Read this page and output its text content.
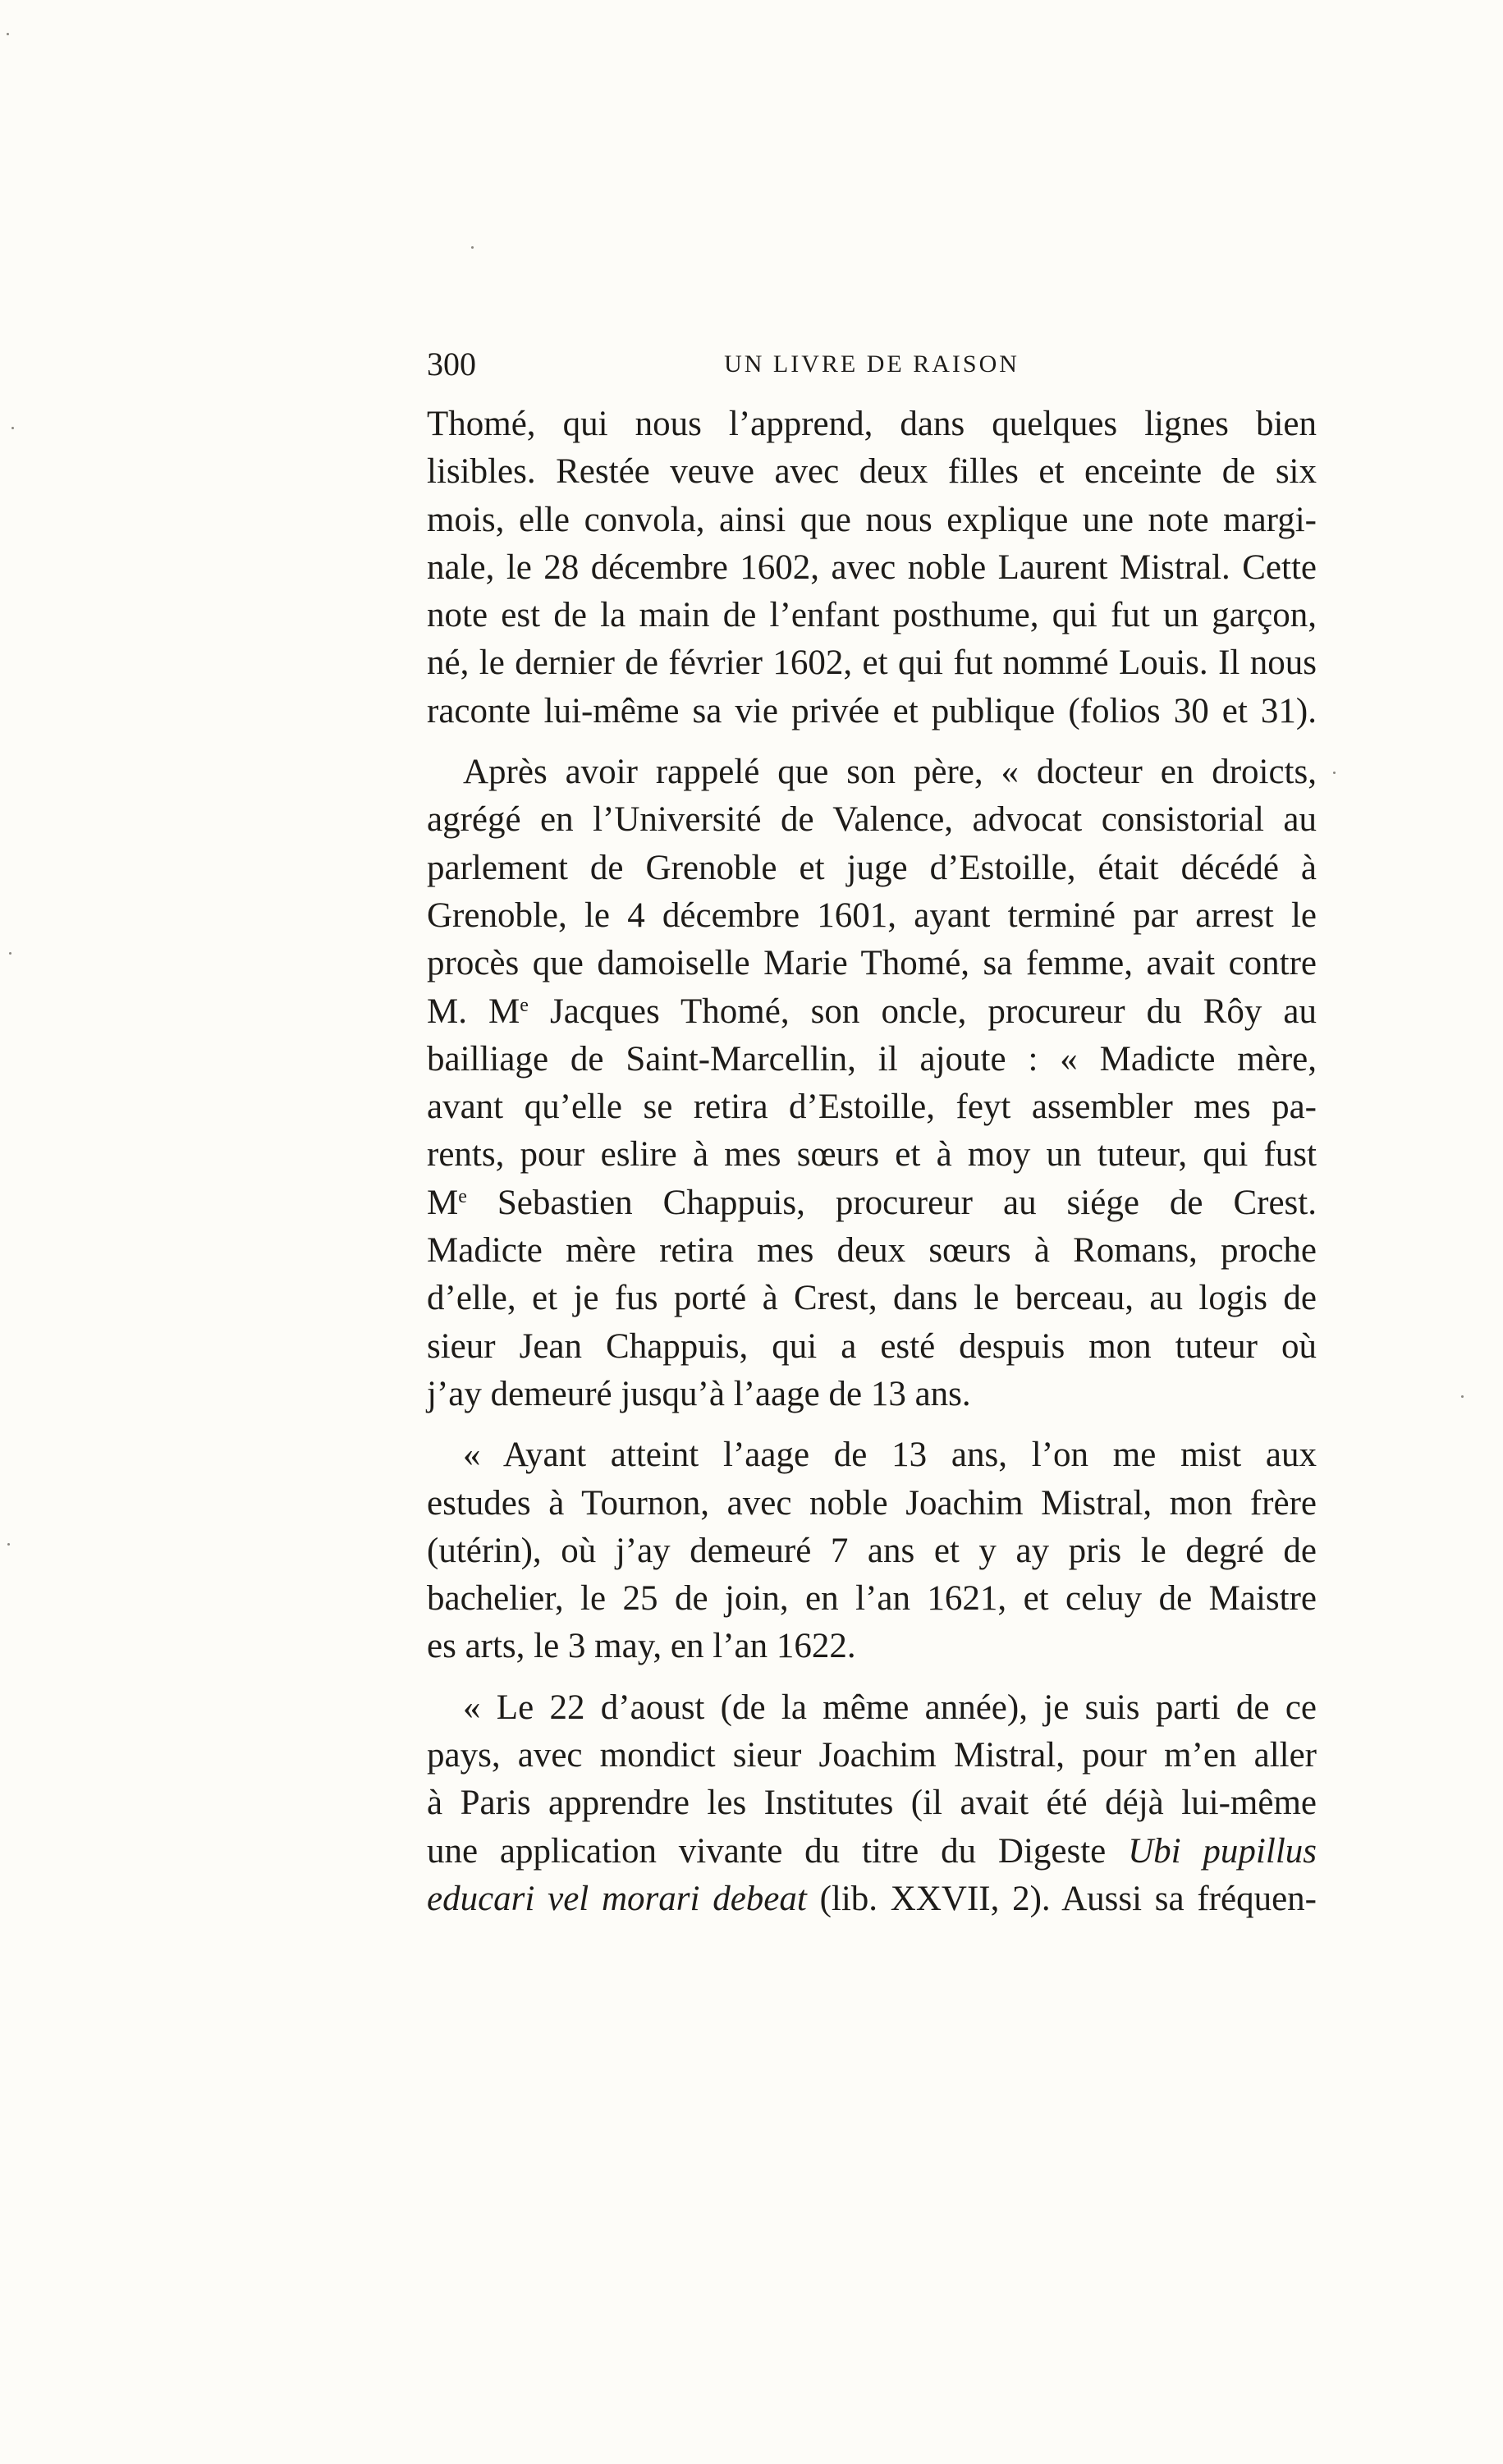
300	UN LIVRE DE RAISON
Thomé, qui nous l’apprend, dans quelques lignes bien
lisibles. Restée veuve avec deux filles et enceinte de six
mois, elle convola, ainsi que nous explique une note margi-
nale, le 28 décembre 1602, avec noble Laurent Mistral. Cette
note est de la main de l’enfant posthume, qui fut un garçon,
né, le dernier de février 1602, et qui fut nommé Louis. Il nous
raconte lui-même sa vie privée et publique (folios 30 et 31).
Après avoir rappelé que son père, « docteur en droicts,
agrégé en l’Université de Valence, advocat consistorial au
parlement de Grenoble et juge d’Estoille, était décédé à
Grenoble, le 4 décembre 1601, ayant terminé par arrest le
procès que damoiselle Marie Thomé, sa femme, avait contre
M. Me Jacques Thomé, son oncle, procureur du Rôy au
bailliage de Saint-Marcellin, il ajoute : « Madicte mère,
avant qu’elle se retira d’Estoille, feyt assembler mes pa-
rents, pour eslire à mes sœurs et à moy un tuteur, qui fust
Me Sebastien Chappuis, procureur au siége de Crest.
Madicte mère retira mes deux sœurs à Romans, proche
d’elle, et je fus porté à Crest, dans le berceau, au logis de
sieur Jean Chappuis, qui a esté despuis mon tuteur où
j’ay demeuré jusqu’à l’aage de 13 ans.
« Ayant atteint l’aage de 13 ans, l’on me mist aux
estudes à Tournon, avec noble Joachim Mistral, mon frère
(utérin), où j’ay demeuré 7 ans et y ay pris le degré de
bachelier, le 25 de join, en l’an 1621, et celuy de Maistre
es arts, le 3 may, en l’an 1622.
« Le 22 d’aoust (de la même année), je suis parti de ce
pays, avec mondict sieur Joachim Mistral, pour m’en aller
à Paris apprendre les Institutes (il avait été déjà lui-même
une application vivante du titre du Digeste Ubi pupillus
educari vel morari debeat (lib. XXVII, 2). Aussi sa fréquen-
